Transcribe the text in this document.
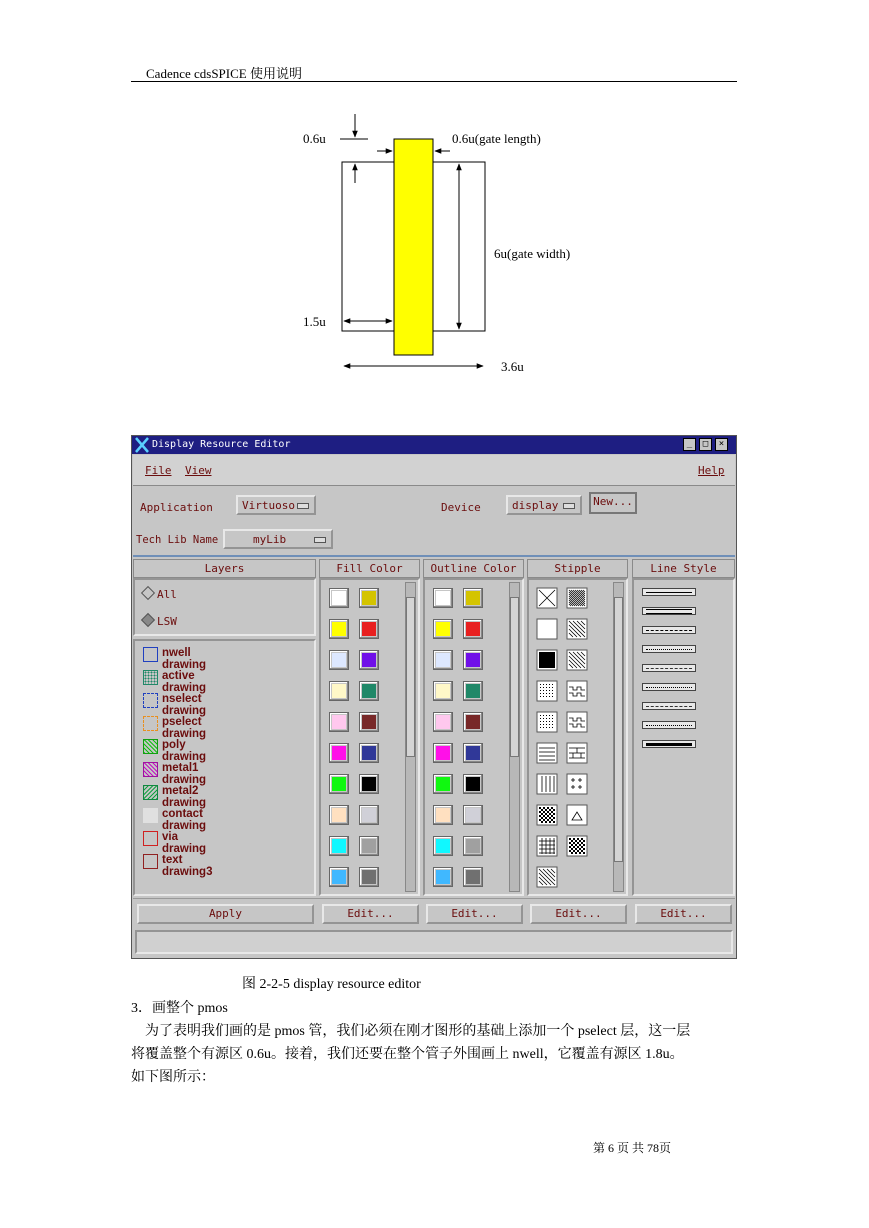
Cadence cdsSPICE 使用说明
0.6u	0.6u(gate length)
6u(gate width)
1.5u
3.6u
Display Resource Editor	_	□	×
File View	Help
Application	Virtuoso	Device	display	New...
Tech Lib Name	myLib
Layers	Fill Color	Outline Color	Stipple	Line Style
All
LSW
nwell drawing
active drawing
nselect drawing
pselect drawing
poly drawing
metal1 drawing
metal2 drawing
contact drawing
via drawing
text drawing3
Apply	Edit...	Edit...	Edit...	Edit...
图 2-2-5 display resource editor
3．画整个 pmos
为了表明我们画的是 pmos 管，我们必须在刚才图形的基础上添加一个 pselect 层，这一层
将覆盖整个有源区 0.6u。接着，我们还要在整个管子外围画上 nwell，它覆盖有源区 1.8u。
如下图所示：
第 6 页 共 78页
